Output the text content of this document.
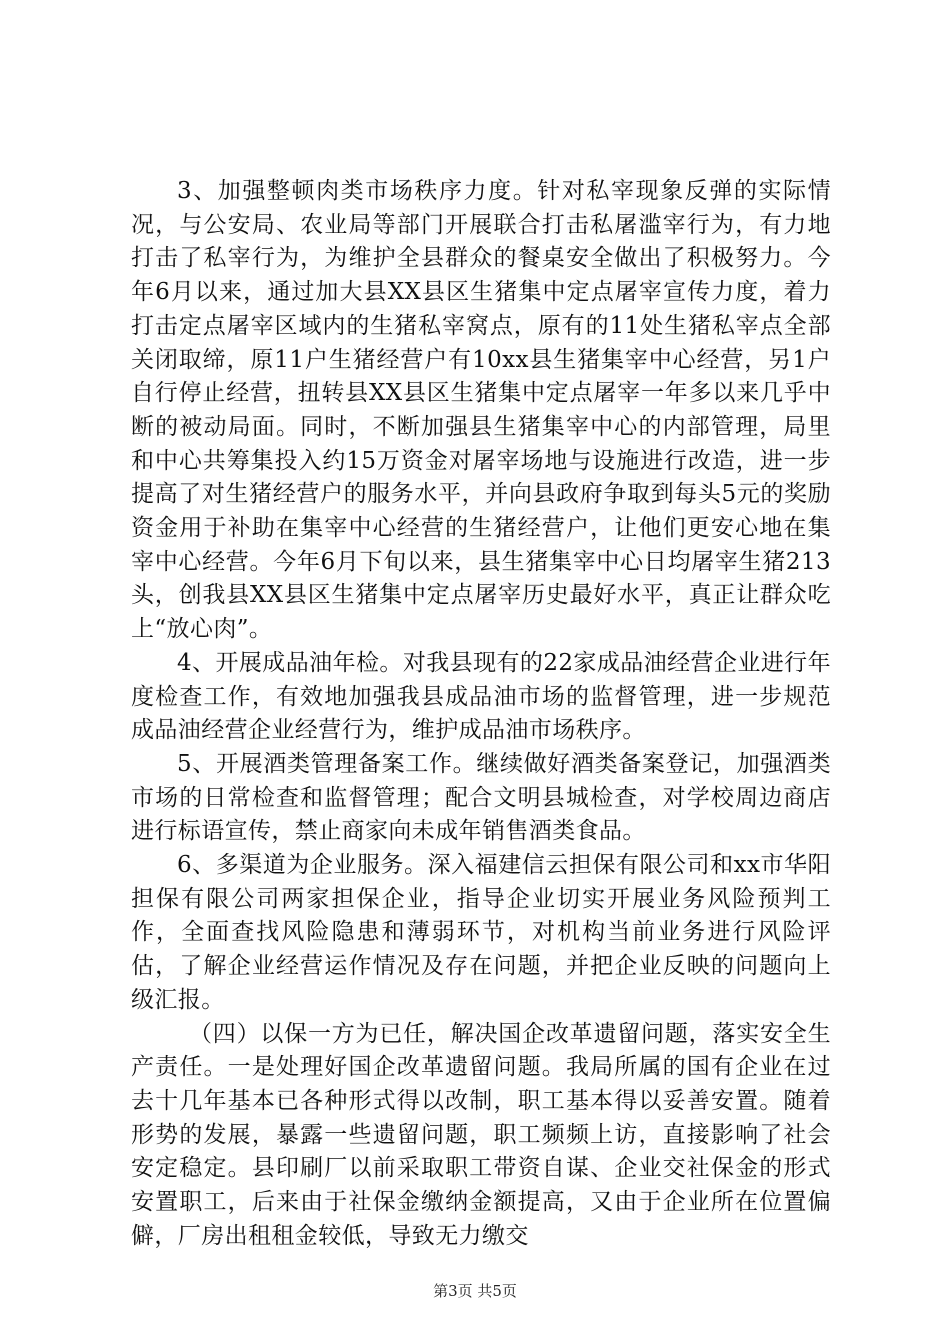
3、加强整顿肉类市场秩序力度。针对私宰现象反弹的实际情况，与公安局、农业局等部门开展联合打击私屠滥宰行为，有力地打击了私宰行为，为维护全县群众的餐桌安全做出了积极努力。今年6月以来，通过加大县XX县区生猪集中定点屠宰宣传力度，着力打击定点屠宰区域内的生猪私宰窝点，原有的11处生猪私宰点全部关闭取缔，原11户生猪经营户有10xx县生猪集宰中心经营，另1户自行停止经营，扭转县XX县区生猪集中定点屠宰一年多以来几乎中断的被动局面。同时，不断加强县生猪集宰中心的内部管理，局里和中心共筹集投入约15万资金对屠宰场地与设施进行改造，进一步提高了对生猪经营户的服务水平，并向县政府争取到每头5元的奖励资金用于补助在集宰中心经营的生猪经营户，让他们更安心地在集宰中心经营。今年6月下旬以来，县生猪集宰中心日均屠宰生猪213头，创我县XX县区生猪集中定点屠宰历史最好水平，真正让群众吃上“放心肉”。

4、开展成品油年检。对我县现有的22家成品油经营企业进行年度检查工作，有效地加强我县成品油市场的监督管理，进一步规范成品油经营企业经营行为，维护成品油市场秩序。

5、开展酒类管理备案工作。继续做好酒类备案登记，加强酒类市场的日常检查和监督管理；配合文明县城检查，对学校周边商店进行标语宣传，禁止商家向未成年销售酒类食品。

6、多渠道为企业服务。深入福建信云担保有限公司和xx市华阳担保有限公司两家担保企业，指导企业切实开展业务风险预判工作，全面查找风险隐患和薄弱环节，对机构当前业务进行风险评估，了解企业经营运作情况及存在问题，并把企业反映的问题向上级汇报。

（四）以保一方为已任，解决国企改革遗留问题，落实安全生产责任。一是处理好国企改革遗留问题。我局所属的国有企业在过去十几年基本已各种形式得以改制，职工基本得以妥善安置。随着形势的发展，暴露一些遗留问题，职工频频上访，直接影响了社会安定稳定。县印刷厂以前采取职工带资自谋、企业交社保金的形式安置职工，后来由于社保金缴纳金额提高，又由于企业所在位置偏僻，厂房出租租金较低，导致无力缴交

第3页 共5页
